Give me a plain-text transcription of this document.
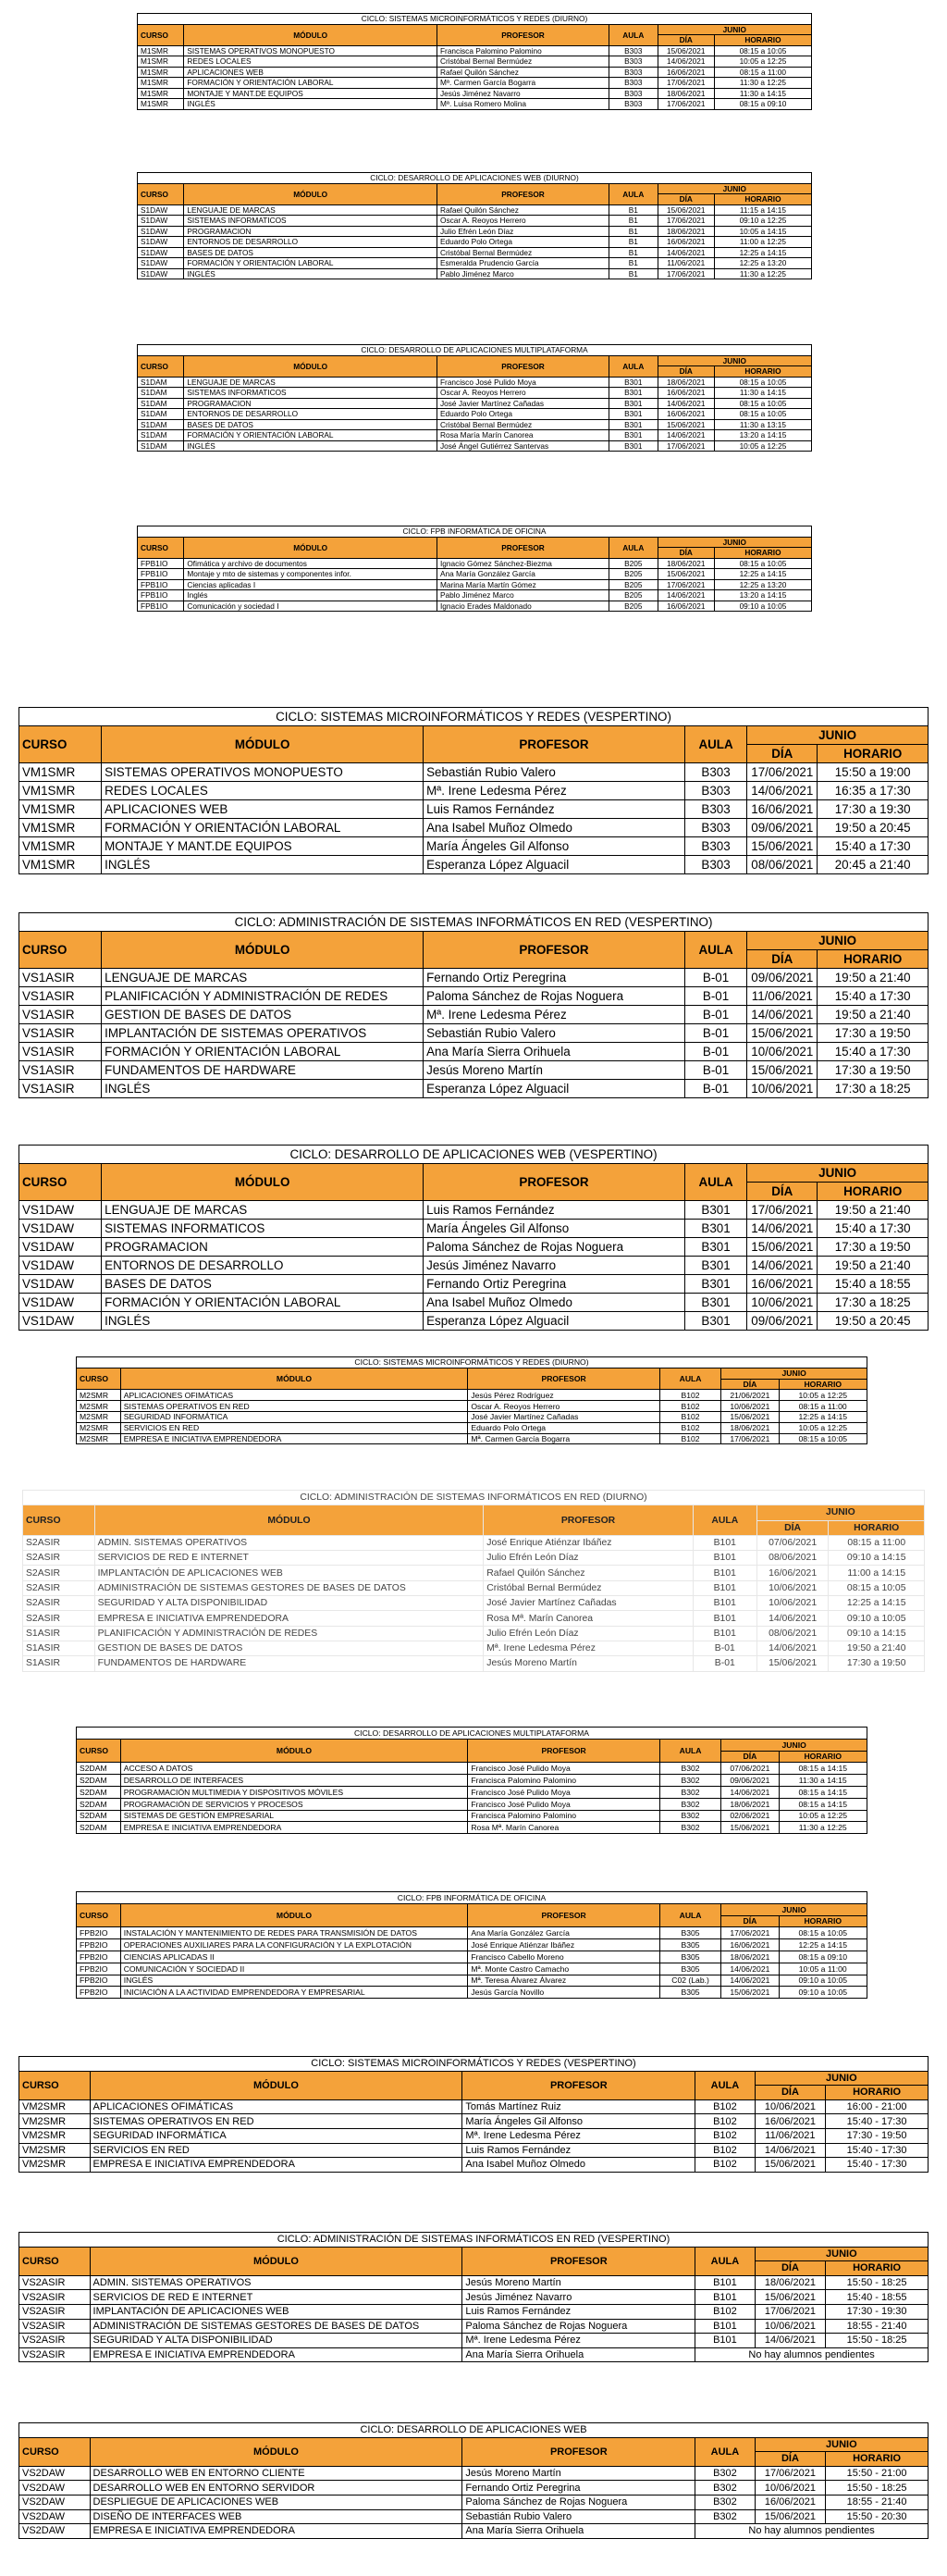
CICLO: SISTEMAS MICROINFORMÁTICOS Y REDES (DIURNO)					
CURSO	MÓDULO	PROFESOR	AULA	JUNIO	
				DÍA	HORARIO
M1SMR	SISTEMAS OPERATIVOS MONOPUESTO	Francisca Palomino Palomino	B303	15/06/2021	08:15 a 10:05
M1SMR	REDES LOCALES	Cristóbal Bernal Bermúdez	B303	14/06/2021	10:05 a 12:25
M1SMR	APLICACIONES WEB	Rafael Quilón Sánchez	B303	16/06/2021	08:15 a 11:00
M1SMR	FORMACIÓN Y ORIENTACIÓN LABORAL	Mª. Carmen García Bogarra	B303	17/06/2021	11:30 a 12:25
M1SMR	MONTAJE Y MANT.DE EQUIPOS	Jesús Jiménez Navarro	B303	18/06/2021	11:30 a 14:15
M1SMR	INGLÉS	Mª. Luisa Romero Molina	B303	17/06/2021	08:15 a 09:10
CICLO: DESARROLLO DE APLICACIONES WEB (DIURNO)					
CURSO	MÓDULO	PROFESOR	AULA	JUNIO	
				DÍA	HORARIO
S1DAW	LENGUAJE DE MARCAS	Rafael Quilón Sánchez	B1	15/06/2021	11:15 a 14:15
S1DAW	SISTEMAS INFORMATICOS	Oscar A. Reoyos Herrero	B1	17/06/2021	09:10 a 12:25
S1DAW	PROGRAMACION	Julio Efrén León Díaz	B1	18/06/2021	10:05 a 14:15
S1DAW	ENTORNOS DE DESARROLLO	Eduardo Polo Ortega	B1	16/06/2021	11:00 a 12:25
S1DAW	BASES DE DATOS	Cristóbal Bernal Bermúdez	B1	14/06/2021	12:25 a 14:15
S1DAW	FORMACIÓN Y ORIENTACIÓN LABORAL	Esmeralda Prudencio García	B1	11/06/2021	12:25 a 13:20
S1DAW	INGLÉS	Pablo Jiménez Marco	B1	17/06/2021	11:30 a 12:25
CICLO: DESARROLLO DE APLICACIONES MULTIPLATAFORMA					
CURSO	MÓDULO	PROFESOR	AULA	JUNIO	
				DÍA	HORARIO
S1DAM	LENGUAJE DE MARCAS	Francisco José Pulido Moya	B301	18/06/2021	08:15 a 10:05
S1DAM	SISTEMAS INFORMATICOS	Oscar A. Reoyos Herrero	B301	16/06/2021	11:30 a 14:15
S1DAM	PROGRAMACION	José Javier Martínez Cañadas	B301	14/06/2021	08:15 a 10:05
S1DAM	ENTORNOS DE DESARROLLO	Eduardo Polo Ortega	B301	16/06/2021	08:15 a 10:05
S1DAM	BASES DE DATOS	Cristóbal Bernal Bermúdez	B301	15/06/2021	11:30 a 13:15
S1DAM	FORMACIÓN Y ORIENTACIÓN LABORAL	Rosa María Marín Canorea	B301	14/06/2021	13:20 a 14:15
S1DAM	INGLÉS	José Ángel Gutiérrez Santervas	B301	17/06/2021	10:05 a 12:25
CICLO: FPB INFORMÁTICA DE OFICINA					
CURSO	MÓDULO	PROFESOR	AULA	JUNIO	
				DÍA	HORARIO
FPB1IO	Ofimática y archivo de documentos	Ignacio Gómez Sánchez-Biezma	B205	18/06/2021	08:15 a 10:05
FPB1IO	Montaje y mto de sistemas y componentes infor.	Ana María González García	B205	15/06/2021	12:25 a 14:15
FPB1IO	Ciencias aplicadas I	Marina María Martín Gómez	B205	17/06/2021	12:25 a 13:20
FPB1IO	Inglés	Pablo Jiménez Marco	B205	14/06/2021	13:20 a 14:15
FPB1IO	Comunicación y sociedad I	Ignacio Erades Maldonado	B205	16/06/2021	09:10 a 10:05
CICLO: SISTEMAS MICROINFORMÁTICOS Y REDES (VESPERTINO)					
CURSO	MÓDULO	PROFESOR	AULA	JUNIO	
				DÍA	HORARIO
VM1SMR	SISTEMAS OPERATIVOS MONOPUESTO	Sebastián Rubio Valero	B303	17/06/2021	15:50 a 19:00
VM1SMR	REDES LOCALES	Mª. Irene Ledesma Pérez	B303	14/06/2021	16:35 a 17:30
VM1SMR	APLICACIONES WEB	Luis Ramos Fernández	B303	16/06/2021	17:30 a 19:30
VM1SMR	FORMACIÓN Y ORIENTACIÓN LABORAL	Ana Isabel Muñoz Olmedo	B303	09/06/2021	19:50 a 20:45
VM1SMR	MONTAJE Y MANT.DE EQUIPOS	María Ángeles Gil Alfonso	B303	15/06/2021	15:40 a 17:30
VM1SMR	INGLÉS	Esperanza López Alguacil	B303	08/06/2021	20:45 a 21:40
CICLO: ADMINISTRACIÓN DE SISTEMAS INFORMÁTICOS EN RED (VESPERTINO)					
CURSO	MÓDULO	PROFESOR	AULA	JUNIO	
				DÍA	HORARIO
VS1ASIR	LENGUAJE DE MARCAS	Fernando Ortiz Peregrina	B-01	09/06/2021	19:50 a 21:40
VS1ASIR	PLANIFICACIÓN Y ADMINISTRACIÓN DE REDES	Paloma Sánchez de Rojas Noguera	B-01	11/06/2021	15:40 a 17:30
VS1ASIR	GESTION DE BASES DE DATOS	Mª. Irene Ledesma Pérez	B-01	14/06/2021	19:50 a 21:40
VS1ASIR	IMPLANTACIÓN DE SISTEMAS OPERATIVOS	Sebastián Rubio Valero	B-01	15/06/2021	17:30 a 19:50
VS1ASIR	FORMACIÓN Y ORIENTACIÓN LABORAL	Ana María Sierra Orihuela	B-01	10/06/2021	15:40 a 17:30
VS1ASIR	FUNDAMENTOS DE HARDWARE	Jesús Moreno Martín	B-01	15/06/2021	17:30 a 19:50
VS1ASIR	INGLÉS	Esperanza López Alguacil	B-01	10/06/2021	17:30 a 18:25
CICLO: DESARROLLO DE APLICACIONES WEB (VESPERTINO)					
CURSO	MÓDULO	PROFESOR	AULA	JUNIO	
				DÍA	HORARIO
VS1DAW	LENGUAJE DE MARCAS	Luis Ramos Fernández	B301	17/06/2021	19:50 a 21:40
VS1DAW	SISTEMAS INFORMATICOS	María Ángeles Gil Alfonso	B301	14/06/2021	15:40 a 17:30
VS1DAW	PROGRAMACION	Paloma Sánchez de Rojas Noguera	B301	15/06/2021	17:30 a 19:50
VS1DAW	ENTORNOS DE DESARROLLO	Jesús Jiménez Navarro	B301	14/06/2021	19:50 a 21:40
VS1DAW	BASES DE DATOS	Fernando Ortiz Peregrina	B301	16/06/2021	15:40 a 18:55
VS1DAW	FORMACIÓN Y ORIENTACIÓN LABORAL	Ana Isabel Muñoz Olmedo	B301	10/06/2021	17:30 a 18:25
VS1DAW	INGLÉS	Esperanza López Alguacil	B301	09/06/2021	19:50 a 20:45
CICLO: SISTEMAS MICROINFORMÁTICOS Y REDES (DIURNO)					
CURSO	MÓDULO	PROFESOR	AULA	JUNIO	
				DÍA	HORARIO
M2SMR	APLICACIONES OFIMÁTICAS	Jesús Pérez Rodríguez	B102	21/06/2021	10:05 a 12:25
M2SMR	SISTEMAS OPERATIVOS EN RED	Oscar A. Reoyos Herrero	B102	10/06/2021	08:15 a 11:00
M2SMR	SEGURIDAD INFORMÁTICA	José Javier Martínez Cañadas	B102	15/06/2021	12:25 a 14:15
M2SMR	SERVICIOS EN RED	Eduardo Polo Ortega	B102	18/06/2021	10:05 a 12:25
M2SMR	EMPRESA E INICIATIVA EMPRENDEDORA	Mª. Carmen García Bogarra	B102	17/06/2021	08:15 a 10:05
CICLO: ADMINISTRACIÓN DE SISTEMAS INFORMÁTICOS EN RED (DIURNO)					
CURSO	MÓDULO	PROFESOR	AULA	JUNIO	
				DÍA	HORARIO
S2ASIR	ADMIN. SISTEMAS OPERATIVOS	José Enrique Atiénzar Ibáñez	B101	07/06/2021	08:15 a 11:00
S2ASIR	SERVICIOS DE RED E INTERNET	Julio Efrén León Díaz	B101	08/06/2021	09:10 a 14:15
S2ASIR	IMPLANTACIÓN DE APLICACIONES WEB	Rafael Quilón Sánchez	B101	16/06/2021	11:00 a 14:15
S2ASIR	ADMINISTRACIÓN DE SISTEMAS GESTORES DE BASES DE DATOS	Cristóbal Bernal Bermúdez	B101	10/06/2021	08:15 a 10:05
S2ASIR	SEGURIDAD Y ALTA DISPONIBILIDAD	José Javier Martínez Cañadas	B101	10/06/2021	12:25 a 14:15
S2ASIR	EMPRESA E INICIATIVA EMPRENDEDORA	Rosa Mª. Marín Canorea	B101	14/06/2021	09:10 a 10:05
S1ASIR	PLANIFICACIÓN Y ADMINISTRACIÓN DE REDES	Julio Efrén León Díaz	B101	08/06/2021	09:10 a 14:15
S1ASIR	GESTION DE BASES DE DATOS	Mª. Irene Ledesma Pérez	B-01	14/06/2021	19:50 a 21:40
S1ASIR	FUNDAMENTOS DE HARDWARE	Jesús Moreno Martín	B-01	15/06/2021	17:30 a 19:50
CICLO: DESARROLLO DE APLICACIONES MULTIPLATAFORMA					
CURSO	MÓDULO	PROFESOR	AULA	JUNIO	
				DÍA	HORARIO
S2DAM	ACCESO A DATOS	Francisco José Pulido Moya	B302	07/06/2021	08:15 a 14:15
S2DAM	DESARROLLO DE INTERFACES	Francisca Palomino Palomino	B302	09/06/2021	11:30 a 14:15
S2DAM	PROGRAMACIÓN MULTIMEDIA Y DISPOSITIVOS MÓVILES	Francisco José Pulido Moya	B302	14/06/2021	08:15 a 14:15
S2DAM	PROGRAMACIÓN DE SERVICIOS Y PROCESOS	Francisco José Pulido Moya	B302	18/06/2021	08:15 a 14:15
S2DAM	SISTEMAS DE GESTIÓN EMPRESARIAL	Francisca Palomino Palomino	B302	02/06/2021	10:05 a 12:25
S2DAM	EMPRESA E INICIATIVA EMPRENDEDORA	Rosa Mª. Marín Canorea	B302	15/06/2021	11:30 a 12:25
CICLO: FPB INFORMÁTICA DE OFICINA					
CURSO	MÓDULO	PROFESOR	AULA	JUNIO	
				DÍA	HORARIO
FPB2IO	INSTALACIÓN Y MANTENIMIENTO DE REDES PARA TRANSMISIÓN DE DATOS	Ana María González García	B305	17/06/2021	08:15 a 10:05
FPB2IO	OPERACIONES AUXILIARES PARA LA CONFIGURACIÓN Y LA EXPLOTACIÓN	José Enrique Atiénzar Ibáñez	B305	16/06/2021	12:25 a 14:15
FPB2IO	CIENCIAS APLICADAS II	Francisco Cabello Moreno	B305	18/06/2021	08:15 a 09:10
FPB2IO	COMUNICACIÓN Y SOCIEDAD II	Mª. Monte Castro Camacho	B305	14/06/2021	10:05 a 11:00
FPB2IO	INGLÉS	Mª. Teresa Álvarez Álvarez	C02 (Lab.)	14/06/2021	09:10 a 10:05
FPB2IO	INICIACIÓN A LA ACTIVIDAD EMPRENDEDORA Y EMPRESARIAL	Jesús García Novillo	B305	15/06/2021	09:10 a 10:05
CICLO: SISTEMAS MICROINFORMÁTICOS Y REDES (VESPERTINO)					
CURSO	MÓDULO	PROFESOR	AULA	JUNIO	
				DÍA	HORARIO
VM2SMR	APLICACIONES OFIMÁTICAS	Tomás Martínez Ruiz	B102	10/06/2021	16:00 - 21:00
VM2SMR	SISTEMAS OPERATIVOS EN RED	María Ángeles Gil Alfonso	B102	16/06/2021	15:40 - 17:30
VM2SMR	SEGURIDAD INFORMÁTICA	Mª. Irene Ledesma Pérez	B102	11/06/2021	17:30 - 19:50
VM2SMR	SERVICIOS EN RED	Luis Ramos Fernández	B102	14/06/2021	15:40 - 17:30
VM2SMR	EMPRESA E INICIATIVA EMPRENDEDORA	Ana Isabel Muñoz Olmedo	B102	15/06/2021	15:40 - 17:30
CICLO: ADMINISTRACIÓN DE SISTEMAS INFORMÁTICOS EN RED (VESPERTINO)					
CURSO	MÓDULO	PROFESOR	AULA	JUNIO	
				DÍA	HORARIO
VS2ASIR	ADMIN. SISTEMAS OPERATIVOS	Jesús Moreno Martín	B101	18/06/2021	15:50 - 18:25
VS2ASIR	SERVICIOS DE RED E INTERNET	Jesús Jiménez Navarro	B101	15/06/2021	15:40 - 18:55
VS2ASIR	IMPLANTACIÓN DE APLICACIONES WEB	Luis Ramos Fernández	B102	17/06/2021	17:30 - 19:30
VS2ASIR	ADMINISTRACIÓN DE SISTEMAS GESTORES DE BASES DE DATOS	Paloma Sánchez de Rojas Noguera	B101	10/06/2021	18:55 - 21:40
VS2ASIR	SEGURIDAD Y ALTA DISPONIBILIDAD	Mª. Irene Ledesma Pérez	B101	14/06/2021	15:50 - 18:25
VS2ASIR	EMPRESA E INICIATIVA EMPRENDEDORA	Ana María Sierra Orihuela	No hay alumnos pendientes		
CICLO: DESARROLLO DE APLICACIONES WEB					
CURSO	MÓDULO	PROFESOR	AULA	JUNIO	
				DÍA	HORARIO
VS2DAW	DESARROLLO WEB EN ENTORNO CLIENTE	Jesús Moreno Martín	B302	17/06/2021	15:50 - 21:00
VS2DAW	DESARROLLO WEB EN ENTORNO SERVIDOR	Fernando Ortiz Peregrina	B302	10/06/2021	15:50 - 18:25
VS2DAW	DESPLIEGUE DE APLICACIONES WEB	Paloma Sánchez de Rojas Noguera	B302	16/06/2021	18:55 - 21:40
VS2DAW	DISEÑO DE INTERFACES WEB	Sebastián Rubio Valero	B302	15/06/2021	15:50 - 20:30
VS2DAW	EMPRESA E INICIATIVA EMPRENDEDORA	Ana María Sierra Orihuela	No hay alumnos pendientes		
